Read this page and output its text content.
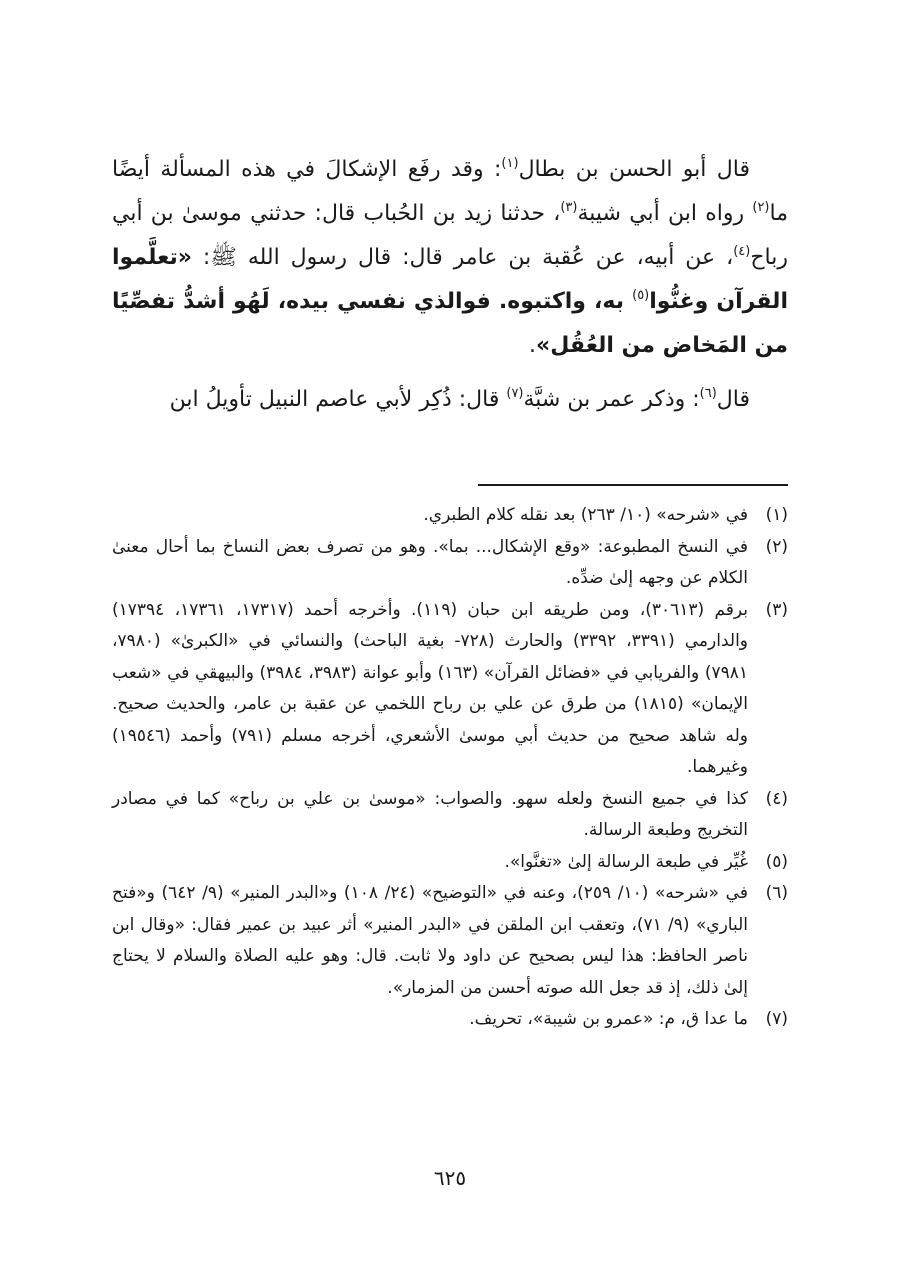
قال أبو الحسن بن بطال$^{(١)}$: وقد رفَع الإشكالَ في هذه المسألة أيضًا ما$^{(٢)}$ رواه ابن أبي شيبة$^{(٣)}$، حدثنا زيد بن الحُباب قال: حدثني موسىٰ بن أبي رباح$^{(٤)}$، عن أبيه، عن عُقبة بن عامر قال: قال رسول الله ﷺ: «تعلَّموا القرآن وغنُّوا$^{(٥)}$ به، واكتبوه. فوالذي نفسي بيده، لَهُو أشدُّ تفصِّيًا من المَخاض من العُقُل».

قال$^{(٦)}$: وذكر عمر بن شبَّة$^{(٧)}$ قال: ذُكِر لأبي عاصم النبيل تأويلُ ابن

(١)
في «شرحه» (١٠/ ٢٦٣) بعد نقله كلام الطبري.
(٢)
في النسخ المطبوعة: «وقع الإشكال... بما». وهو من تصرف بعض النساخ بما أحال معنىٰ الكلام عن وجهه إلىٰ ضدِّه.
(٣)
برقم (٣٠٦١٣)، ومن طريقه ابن حبان (١١٩). وأخرجه أحمد (١٧٣١٧، ١٧٣٦١، ١٧٣٩٤) والدارمي (٣٣٩١، ٣٣٩٢) والحارث (٧٢٨- بغية الباحث) والنسائي في «الكبرىٰ» (٧٩٨٠، ٧٩٨١) والفريابي في «فضائل القرآن» (١٦٣) وأبو عوانة (٣٩٨٣، ٣٩٨٤) والبيهقي في «شعب الإيمان» (١٨١٥) من طرق عن علي بن رباح اللخمي عن عقبة بن عامر، والحديث صحيح. وله شاهد صحيح من حديث أبي موسىٰ الأشعري، أخرجه مسلم (٧٩١) وأحمد (١٩٥٤٦) وغيرهما.
(٤)
كذا في جميع النسخ ولعله سهو. والصواب: «موسىٰ بن علي بن رباح» كما في مصادر التخريج وطبعة الرسالة.
(٥)
غُيِّر في طبعة الرسالة إلىٰ «تغنَّوا».
(٦)
في «شرحه» (١٠/ ٢٥٩)، وعنه في «التوضيح» (٢٤/ ١٠٨) و«البدر المنير» (٩/ ٦٤٢) و«فتح الباري» (٩/ ٧١)، وتعقب ابن الملقن في «البدر المنير» أثر عبيد بن عمير فقال: «وقال ابن ناصر الحافظ: هذا ليس بصحيح عن داود ولا ثابت. قال: وهو عليه الصلاة والسلام لا يحتاج إلىٰ ذلك، إذ قد جعل الله صوته أحسن من المزمار».
(٧)
ما عدا ق، م: «عمرو بن شيبة»، تحريف.
٦٢٥
